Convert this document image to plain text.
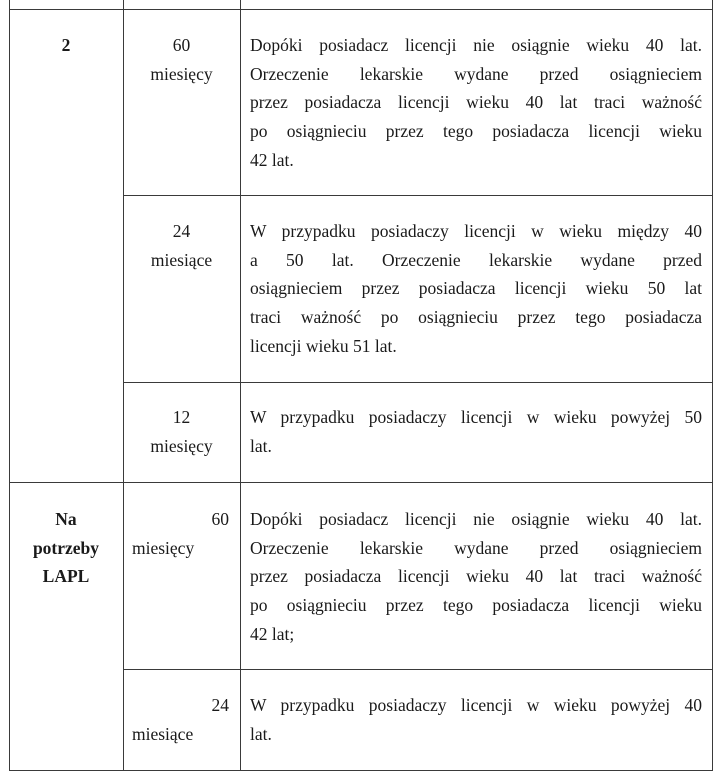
2	60
miesięcy
Dopóki posiadacz licencji nie osiągnie wieku 40 lat.
Orzeczenie lekarskie wydane przed osiągnieciem
przez posiadacza licencji wieku 40 lat traci ważność
po osiągnieciu przez tego posiadacza licencji wieku
42 lat.
24
miesiące
W przypadku posiadaczy licencji w wieku między 40
a 50 lat. Orzeczenie lekarskie wydane przed
osiągnieciem przez posiadacza licencji wieku 50 lat
traci ważność po osiągnieciu przez tego posiadacza
licencji wieku 51 lat.
12
miesięcy
W przypadku posiadaczy licencji w wieku powyżej 50
lat.
Na
potrzeby
LAPL
60
miesięcy
Dopóki posiadacz licencji nie osiągnie wieku 40 lat.
Orzeczenie lekarskie wydane przed osiągnieciem
przez posiadacza licencji wieku 40 lat traci ważność
po osiągnieciu przez tego posiadacza licencji wieku
42 lat;
24
miesiące
W przypadku posiadaczy licencji w wieku powyżej 40
lat.
